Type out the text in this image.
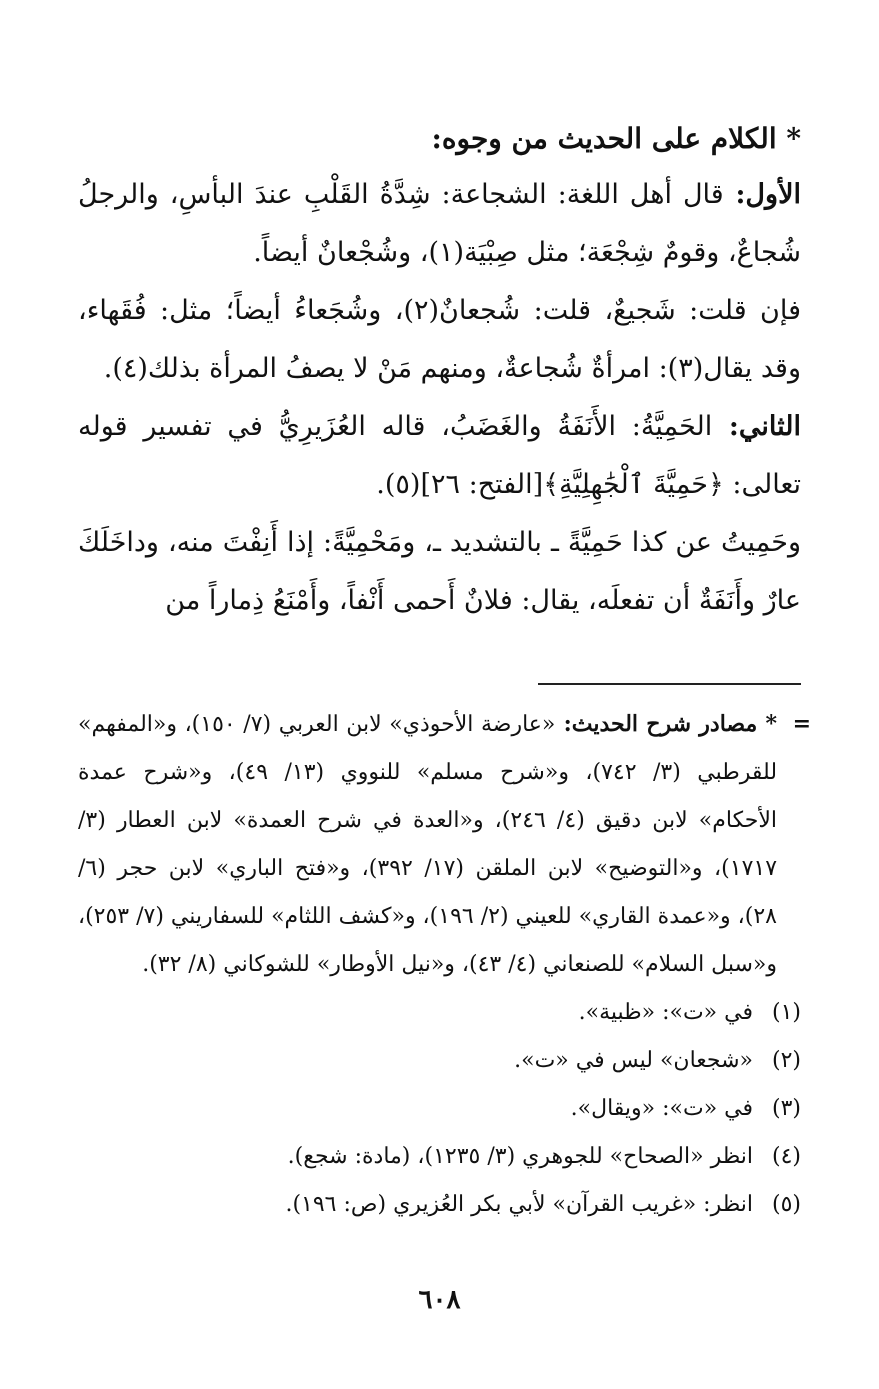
* الكلام على الحديث من وجوه:

الأول: قال أهل اللغة: الشجاعة: شِدَّةُ القَلْبِ عندَ البأسِ، والرجلُ شُجاعٌ، وقومٌ شِجْعَة؛ مثل صِبْيَة(١)، وشُجْعانٌ أيضاً.

فإن قلت: شَجيعٌ، قلت: شُجعانٌ(٢)، وشُجَعاءُ أيضاً؛ مثل: فُقَهاء، وقد يقال(٣): امرأةٌ شُجاعةٌ، ومنهم مَنْ لا يصفُ المرأة بذلك(٤).

الثاني: الحَمِيَّةُ: الأَنَفَةُ والغَضَبُ، قاله العُزَيرِيُّ في تفسير قوله تعالى: ﴿حَمِيَّةَ ٱلْجَٰهِلِيَّةِ﴾[الفتح: ٢٦](٥).

وحَمِيتُ عن كذا حَمِيَّةً ـ بالتشديد ـ، ومَحْمِيَّةً: إذا أَنِفْتَ منه، وداخَلَكَ عارٌ وأَنَفَةٌ أن تفعلَه، يقال: فلانٌ أَحمى أَنْفاً، وأَمْنَعُ ذِماراً من

=
* مصادر شرح الحديث: «عارضة الأحوذي» لابن العربي (٧/ ١٥٠)، و«المفهم» للقرطبي (٣/ ٧٤٢)، و«شرح مسلم» للنووي (١٣/ ٤٩)، و«شرح عمدة الأحكام» لابن دقيق (٤/ ٢٤٦)، و«العدة في شرح العمدة» لابن العطار (٣/ ١٧١٧)، و«التوضيح» لابن الملقن (١٧/ ٣٩٢)، و«فتح الباري» لابن حجر (٦/ ٢٨)، و«عمدة القاري» للعيني (٢/ ١٩٦)، و«كشف اللثام» للسفاريني (٧/ ٢٥٣)، و«سبل السلام» للصنعاني (٤/ ٤٣)، و«نيل الأوطار» للشوكاني (٨/ ٣٢).

(١)
في «ت»: «ظبية».

(٢)
«شجعان» ليس في «ت».

(٣)
في «ت»: «ويقال».

(٤)
انظر «الصحاح» للجوهري (٣/ ١٢٣٥)، (مادة: شجع).

(٥)
انظر: «غريب القرآن» لأبي بكر العُزيري (ص: ١٩٦).

٦٠٨
